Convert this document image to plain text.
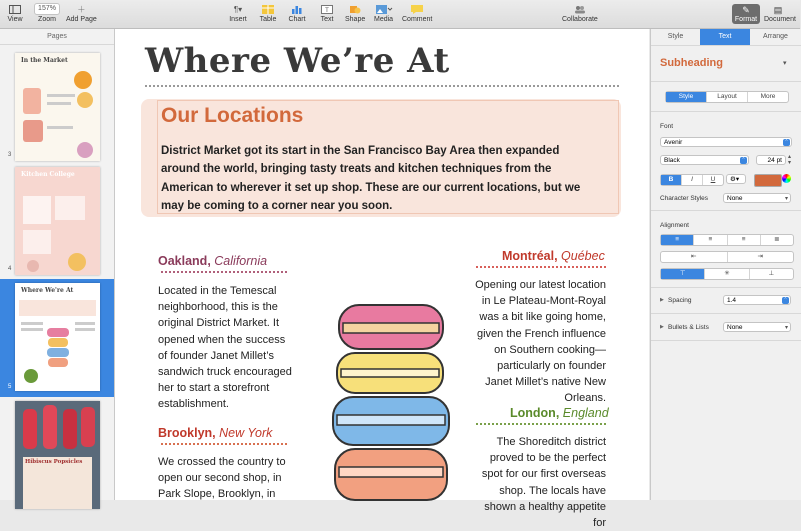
View
157%
Zoom
＋
Add Page
¶▾
Insert Table Chart
T
Text	Shape Media Comment	Collaborate
✎
Format
▤
Document
Pages
In the Market
3
Kitchen College
4
Where We're At
5
Hibiscus Popsicles
Where We’re At
Our Locations
District Market got its start in the San Francisco Bay Area then expanded around the world, bringing tasty treats and kitchen techniques from the American to wherever it set up shop. These are our current locations, but we may be coming to a corner near you soon.
Oakland, California
Located in the Temescal neighborhood, this is the original District Market. It opened when the success of founder Janet Millet’s sandwich truck encouraged her to start a storefront establishment.
Brooklyn, New York
We crossed the country to open our second shop, in Park Slope, Brooklyn, in
Montréal, Québec
Opening our latest location in Le Plateau-Mont-Royal was a bit like going home, given the French influence on Southern cooking—particularly on founder Janet Millet’s native New Orleans.
London, England
The Shoreditch district proved to be the perfect spot for our first overseas shop. The locals have shown a healthy appetite for
Style	Text	Arrange
Subheading	▾
Style	Layout	More
Font
Avenir	⌃
Black	⌃	24 pt	▴
▾
B	I	U	⚙▾
Character Styles	None	▾
Alignment
≡	≡	≡	≣
⇤	⇥
⊤	✳	⊥
▶ Spacing	1.4	⌃
▶ Bullets & Lists	None	▾
